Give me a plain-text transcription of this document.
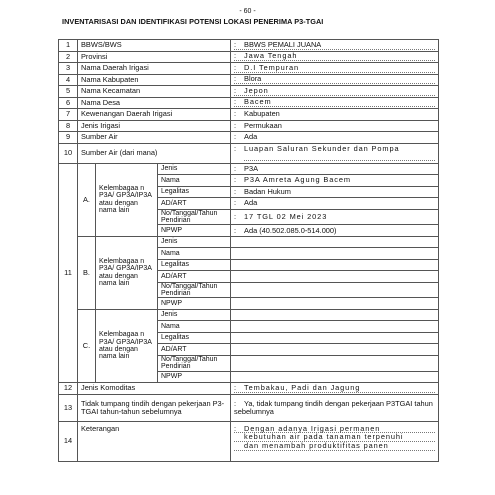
- 60 -
INVENTARISASI DAN IDENTIFIKASI POTENSI LOKASI PENERIMA P3-TGAI
1	BBWS/BWS			: BBWS PEMALI JUANA

2	Provinsi			: Jawa Tengah

3	Nama Daerah Irigasi			: D.I Tempuran

4	Nama Kabupaten			: Blora

5	Nama Kecamatan			: Jepon

6	Nama Desa			: Bacem

7	Kewenangan Daerah Irigasi			: Kabupaten
8	Jenis Irigasi			: Permukaan
9	Sumber Air			: Ada
10	Sumber Air (dari mana)			: Luapan Saluran Sekunder dan Pompa

11	A.	Kelembagaa n P3A/ GP3A/IP3A atau dengan nama lain	Jenis	: P3A
			Nama	: P3A Amreta Agung Bacem
			Legalitas	: Badan Hukum
			AD/ART	: Ada
			No/Tanggal/Tahun Pendirian	: 17 TGL 02 Mei 2023
			NPWP	: Ada (40.502.085.0-514.000)
	B.	Kelembagaa n P3A/ GP3A/IP3A atau dengan nama lain	Jenis	
			Nama	
			Legalitas	
			AD/ART	
			No/Tanggal/Tahun Pendirian	
			NPWP	
	C.	Kelembagaa n P3A/ GP3A/IP3A atau dengan nama lain	Jenis	
			Nama	
			Legalitas	
			AD/ART	
			No/Tanggal/Tahun Pendirian	
			NPWP	
12	Jenis Komoditas			: Tembakau, Padi dan Jagung

13	Tidak tumpang tindih dengan pekerjaan P3-TGAI tahun-tahun sebelumnya			: Ya, tidak tumpang tindih dengan pekerjaan P3TGAI tahun sebelumnya
14	Keterangan			: Dengan adanya Irigasi permanen
kebutuhan air pada tanaman terpenuhi
dan menambah produktifitas panen
